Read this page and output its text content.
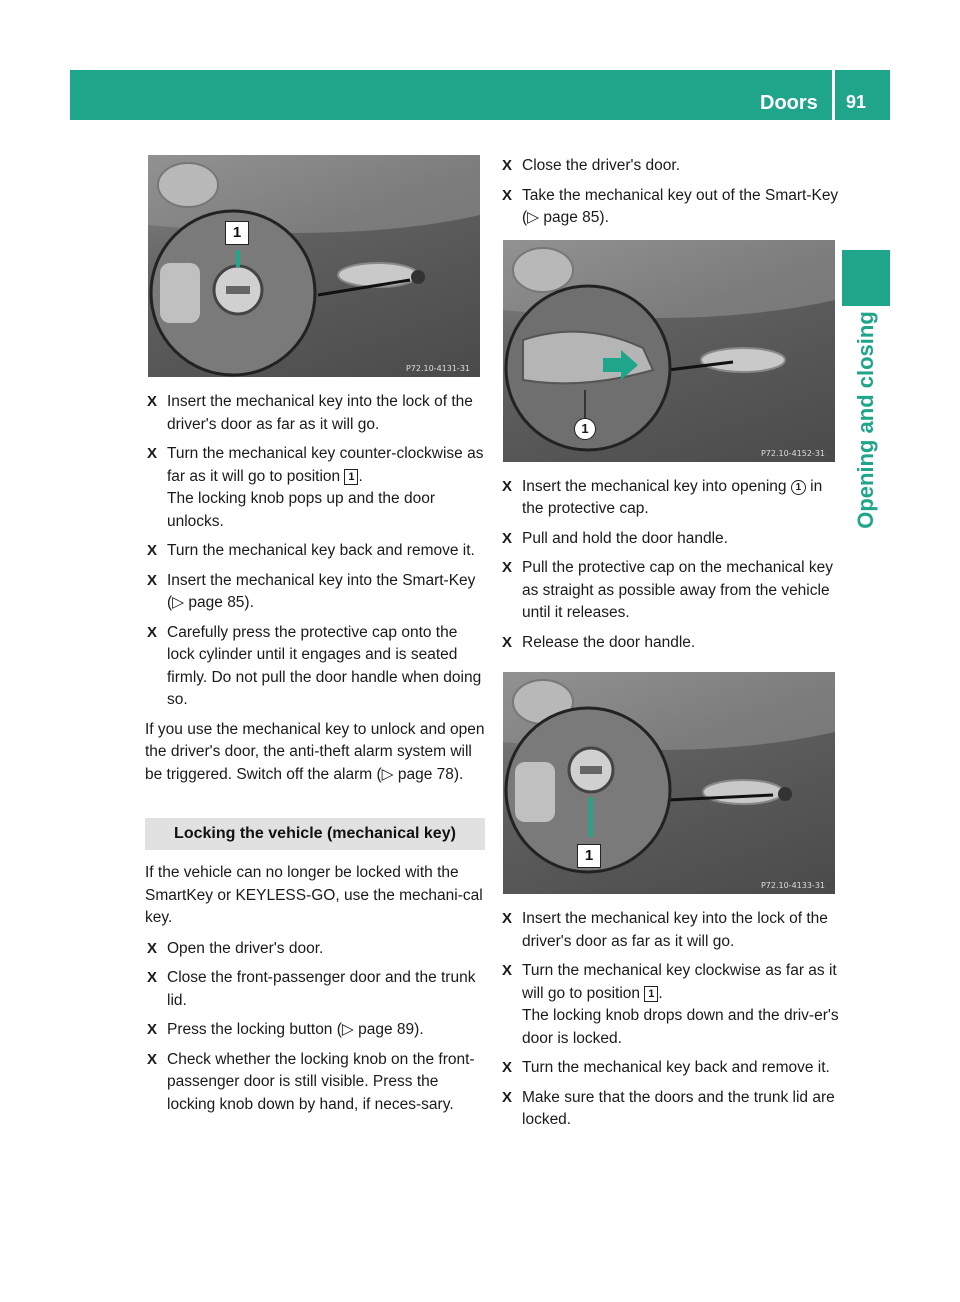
Doors 91
Opening and closing
P72.10-4131-31
1
X Insert the mechanical key into the lock of the driver's door as far as it will go.
X Turn the mechanical key counter-clockwise as far as it will go to position 1 .
The locking knob pops up and the door unlocks.
X Turn the mechanical key back and remove it.
X Insert the mechanical key into the Smart-Key (▷ page 85).
X Carefully press the protective cap onto the lock cylinder until it engages and is seated firmly. Do not pull the door handle when doing so.

If you use the mechanical key to unlock and open the driver's door, the anti-theft alarm system will be triggered. Switch off the alarm (▷ page 78).

Locking the vehicle (mechanical key)

If the vehicle can no longer be locked with the SmartKey or KEYLESS-GO, use the mechani-cal key.

X Open the driver's door.
X Close the front-passenger door and the trunk lid.
X Press the locking button (▷ page 89).
X Check whether the locking knob on the front-passenger door is still visible. Press the locking knob down by hand, if neces-sary.
X Close the driver's door.
X Take the mechanical key out of the Smart-Key (▷ page 85).
P72.10-4152-31
1
X Insert the mechanical key into opening 1 in the protective cap.
X Pull and hold the door handle.
X Pull the protective cap on the mechanical key as straight as possible away from the vehicle until it releases.
X Release the door handle.
P72.10-4133-31
1
X Insert the mechanical key into the lock of the driver's door as far as it will go.
X Turn the mechanical key clockwise as far as it will go to position 1 .
The locking knob drops down and the driv-er's door is locked.
X Turn the mechanical key back and remove it.
X Make sure that the doors and the trunk lid are locked.
